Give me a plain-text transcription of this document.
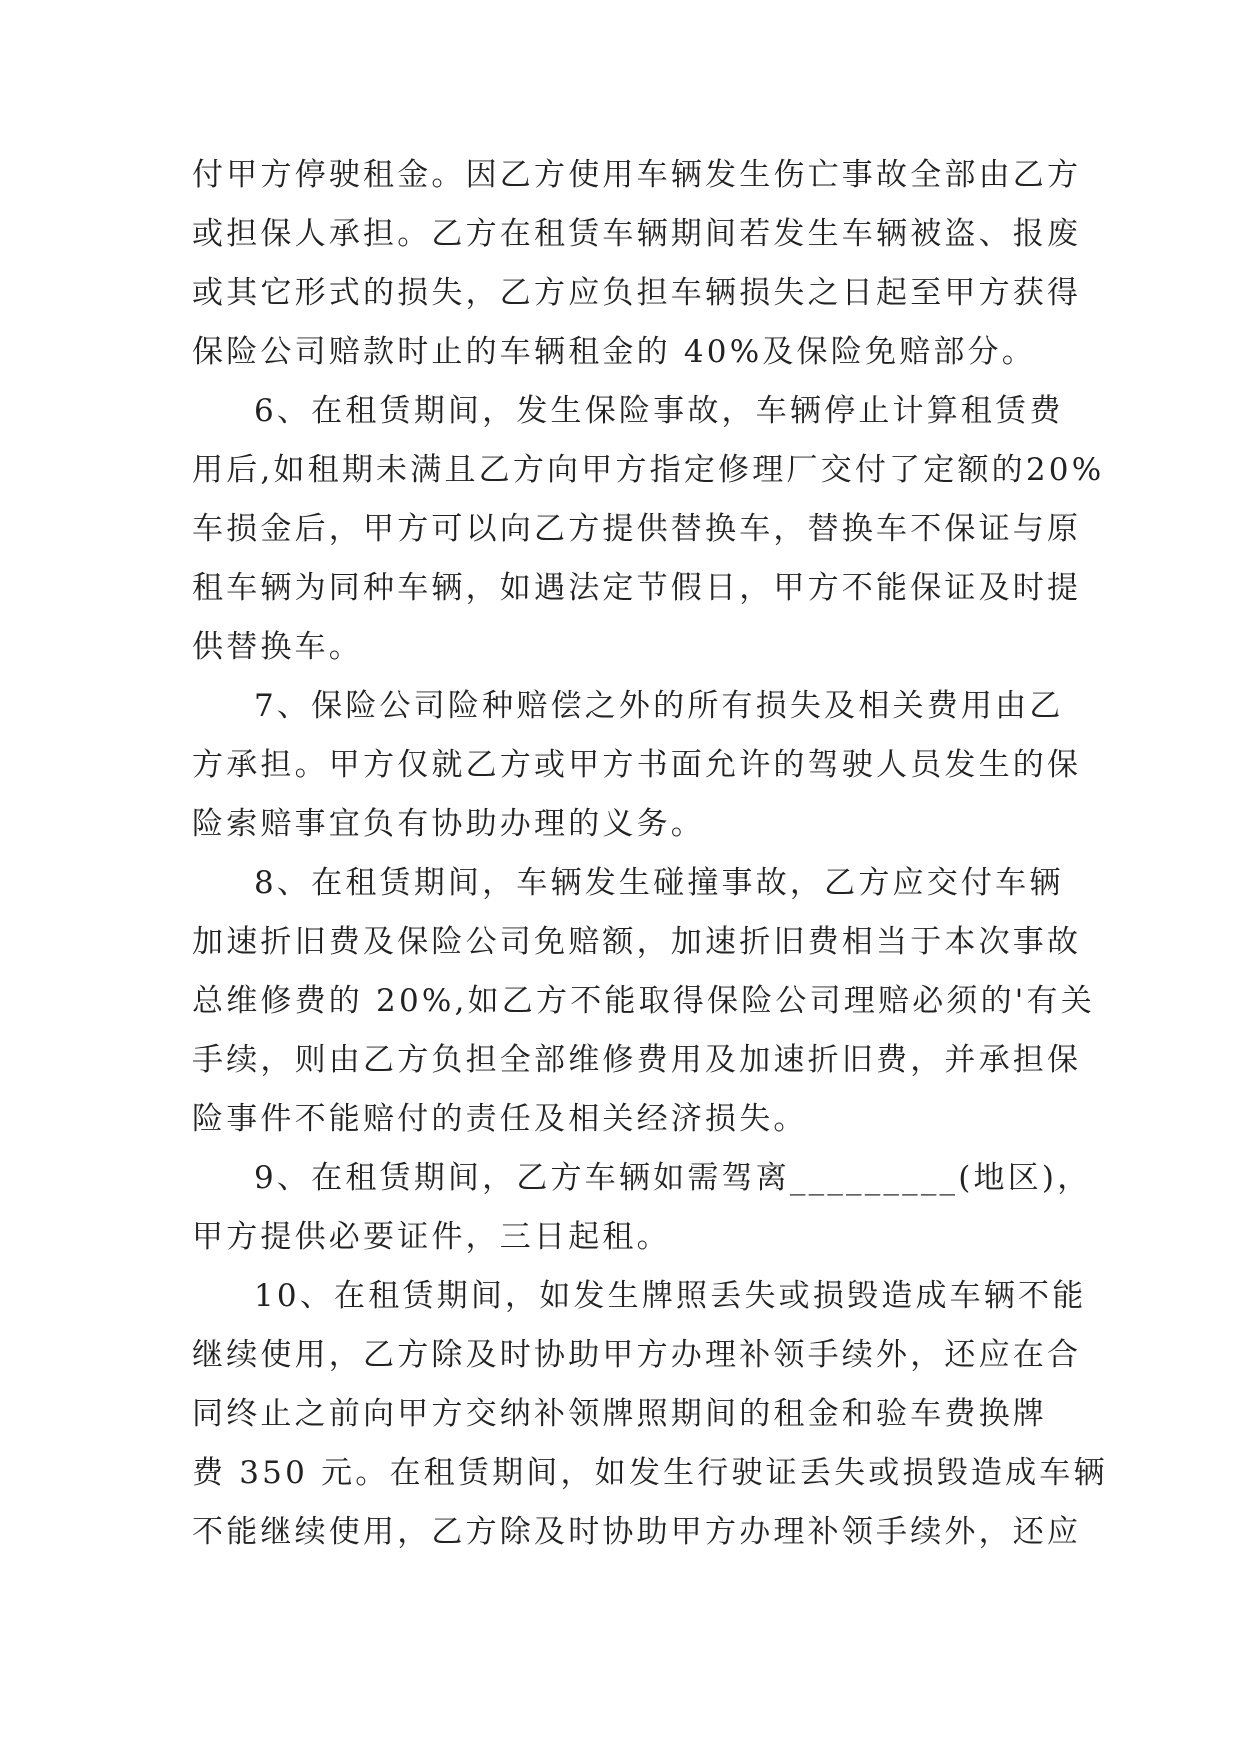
付甲方停驶租金。因乙方使用车辆发生伤亡事故全部由乙方
或担保人承担。乙方在租赁车辆期间若发生车辆被盗、报废
或其它形式的损失，乙方应负担车辆损失之日起至甲方获得
保险公司赔款时止的车辆租金的 40%及保险免赔部分。
6、在租赁期间，发生保险事故，车辆停止计算租赁费
用后,如租期未满且乙方向甲方指定修理厂交付了定额的20%
车损金后，甲方可以向乙方提供替换车，替换车不保证与原
租车辆为同种车辆，如遇法定节假日，甲方不能保证及时提
供替换车。
7、保险公司险种赔偿之外的所有损失及相关费用由乙
方承担。甲方仅就乙方或甲方书面允许的驾驶人员发生的保
险索赔事宜负有协助办理的义务。
8、在租赁期间，车辆发生碰撞事故，乙方应交付车辆
加速折旧费及保险公司免赔额，加速折旧费相当于本次事故
总维修费的 20%,如乙方不能取得保险公司理赔必须的'有关
手续，则由乙方负担全部维修费用及加速折旧费，并承担保
险事件不能赔付的责任及相关经济损失。
9、在租赁期间，乙方车辆如需驾离_________(地区)，
甲方提供必要证件，三日起租。
10、在租赁期间，如发生牌照丢失或损毁造成车辆不能
继续使用，乙方除及时协助甲方办理补领手续外，还应在合
同终止之前向甲方交纳补领牌照期间的租金和验车费换牌
费 350 元。在租赁期间，如发生行驶证丢失或损毁造成车辆
不能继续使用，乙方除及时协助甲方办理补领手续外，还应
